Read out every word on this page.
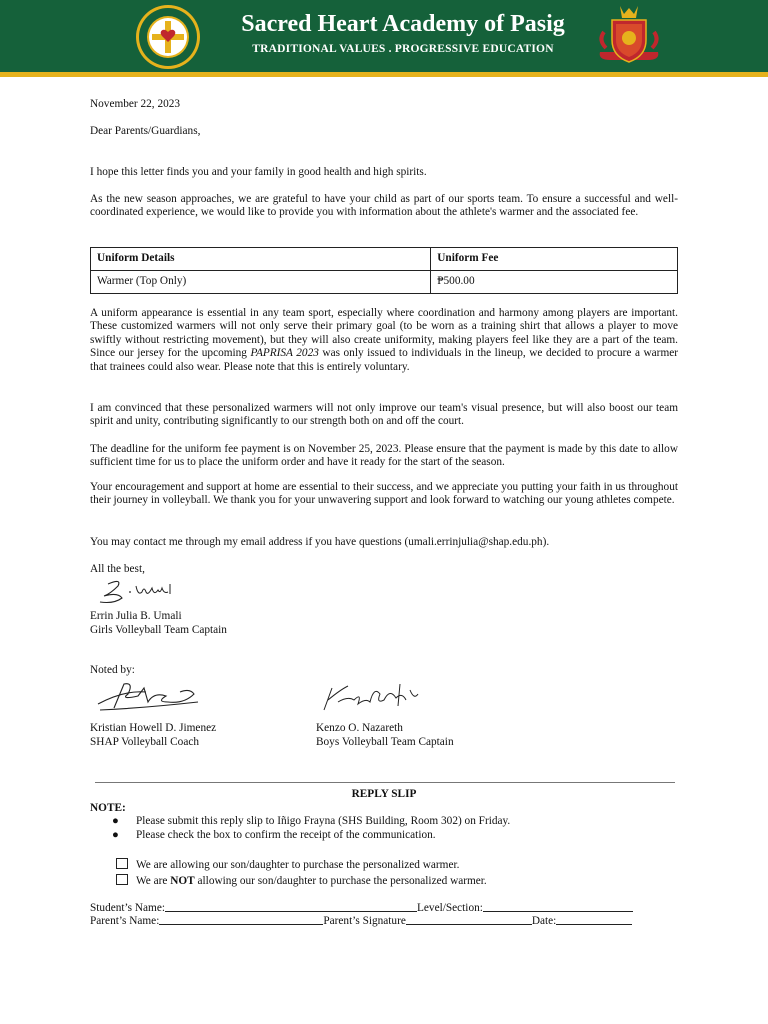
Sacred Heart Academy of Pasig
TRADITIONAL VALUES . PROGRESSIVE EDUCATION
November 22, 2023
Dear Parents/Guardians,
I hope this letter finds you and your family in good health and high spirits.
As the new season approaches, we are grateful to have your child as part of our sports team. To ensure a successful and well-coordinated experience, we would like to provide you with information about the athlete's warmer and the associated fee.
Uniform Details	Uniform Fee
Warmer (Top Only)	₱500.00
A uniform appearance is essential in any team sport, especially where coordination and harmony among players are important. These customized warmers will not only serve their primary goal (to be worn as a training shirt that allows a player to move swiftly without restricting movement), but they will also create uniformity, making players feel like they are a part of the team. Since our jersey for the upcoming PAPRISA 2023 was only issued to individuals in the lineup, we decided to procure a warmer that trainees could also wear. Please note that this is entirely voluntary.
I am convinced that these personalized warmers will not only improve our team's visual presence, but will also boost our team spirit and unity, contributing significantly to our strength both on and off the court.
The deadline for the uniform fee payment is on November 25, 2023. Please ensure that the payment is made by this date to allow sufficient time for us to place the uniform order and have it ready for the start of the season.
Your encouragement and support at home are essential to their success, and we appreciate you putting your faith in us throughout their journey in volleyball. We thank you for your unwavering support and look forward to watching our young athletes compete.
You may contact me through my email address if you have questions (umali.errinjulia@shap.edu.ph).
All the best,
Errin Julia B. Umali
Girls Volleyball Team Captain
Noted by:
Kristian Howell D. Jimenez
SHAP Volleyball Coach
Kenzo O. Nazareth
Boys Volleyball Team Captain
REPLY SLIP
NOTE:
● Please submit this reply slip to Iñigo Frayna (SHS Building, Room 302) on Friday.
● Please check the box to confirm the receipt of the communication.
We are allowing our son/daughter to purchase the personalized warmer.
We are NOT allowing our son/daughter to purchase the personalized warmer.
Student’s Name:	Level/Section:
Parent’s Name:	Parent’s Signature	Date:
